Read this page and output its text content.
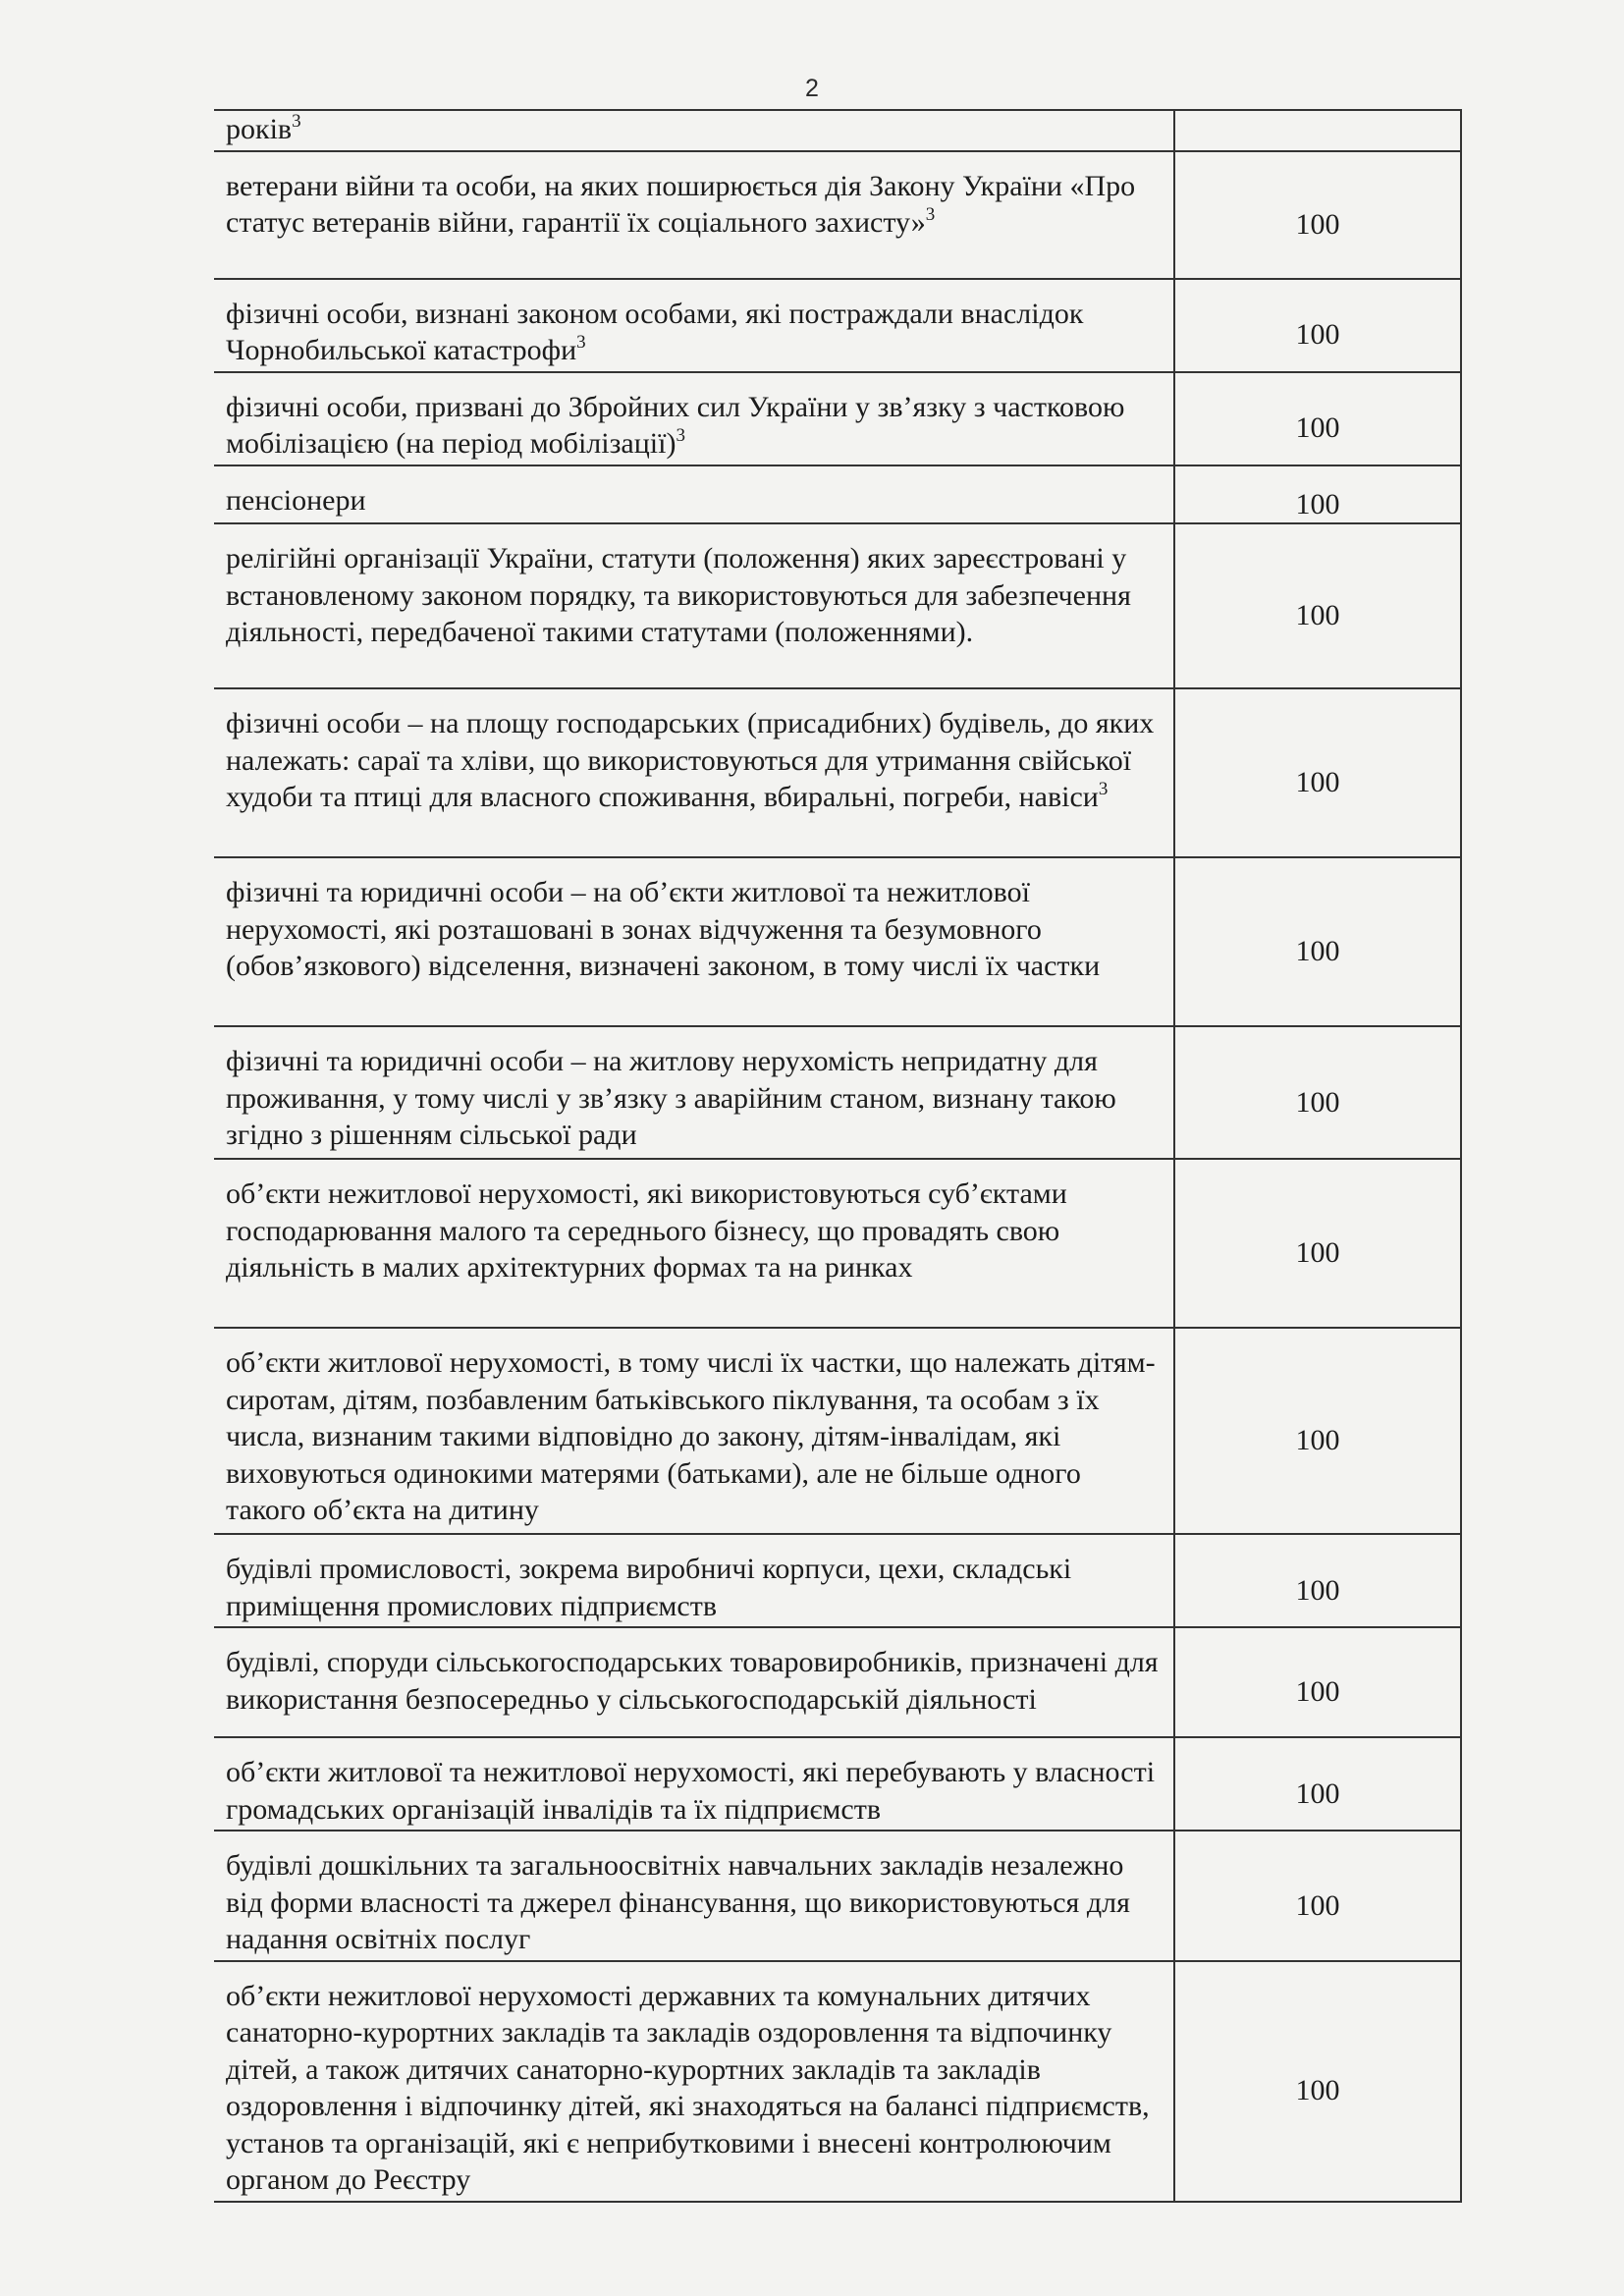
2
років$^3$

ветерани війни та особи, на яких поширюється дія Закону України «Про статус ветеранів війни, гарантії їх соціального захисту»$^3$	100

фізичні особи, визнані законом особами, які постраждали внаслідок Чорнобильської катастрофи$^3$	100

фізичні особи, призвані до Збройних сил України у зв’язку з частковою мобілізацією (на період мобілізації)$^3$	100

пенсіонери	100

релігійні організації України, статути (положення) яких зареєстровані у встановленому законом порядку, та використовуються для забезпечення діяльності, передбаченої такими статутами (положеннями).	100

фізичні особи – на площу господарських (присадибних) будівель, до яких належать: сараї та хліви, що використовуються для утримання свійської худоби та птиці для власного споживання, вбиральні, погреби, навіси$^3$	100

фізичні та юридичні особи – на об’єкти житлової та нежитлової нерухомості, які розташовані в зонах відчуження та безумовного (обов’язкового) відселення, визначені законом, в тому числі їх частки	100

фізичні та юридичні особи – на житлову нерухомість непридатну для проживання, у тому числі у зв’язку з аварійним станом, визнану такою згідно з рішенням сільської ради	100

об’єкти нежитлової нерухомості, які використовуються суб’єктами господарювання малого та середнього бізнесу, що провадять свою діяльність в малих архітектурних формах та на ринках	100

об’єкти житлової нерухомості, в тому числі їх частки, що належать дітям-сиротам, дітям, позбавленим батьківського піклування, та особам з їх числа, визнаним такими відповідно до закону, дітям-інвалідам, які виховуються одинокими матерями (батьками), але не більше одного такого об’єкта на дитину	100

будівлі промисловості, зокрема виробничі корпуси, цехи, складські приміщення промислових підприємств	100

будівлі, споруди сільськогосподарських товаровиробників, призначені для використання безпосередньо у сільськогосподарській діяльності	100

об’єкти житлової та нежитлової нерухомості, які перебувають у власності громадських організацій інвалідів та їх підприємств	100

будівлі дошкільних та загальноосвітніх навчальних закладів незалежно від форми власності та джерел фінансування, що використовуються для надання освітніх послуг	100

об’єкти нежитлової нерухомості державних та комунальних дитячих санаторно-курортних закладів та закладів оздоровлення та відпочинку дітей, а також дитячих санаторно-курортних закладів та закладів оздоровлення і відпочинку дітей, які знаходяться на балансі підприємств, установ та організацій, які є неприбутковими і внесені контролюючим органом до Реєстру	100
